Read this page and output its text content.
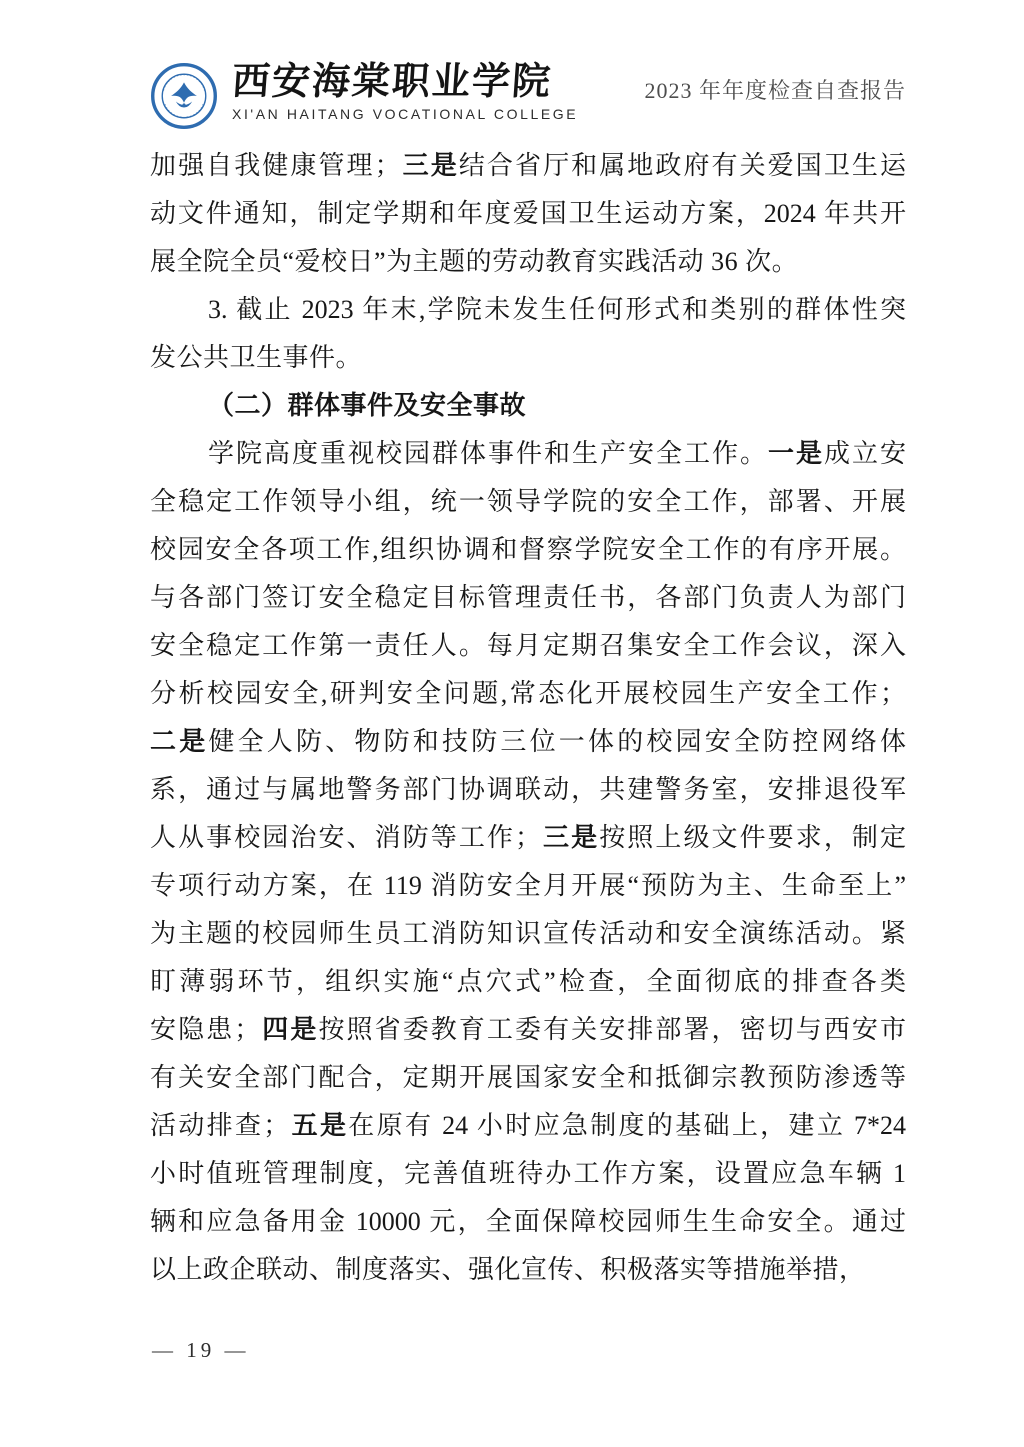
西安海棠职业学院
XI'AN HAITANG VOCATIONAL COLLEGE
2023 年年度检查自查报告
加强自我健康管理；三是结合省厅和属地政府有关爱国卫生运
动文件通知，制定学期和年度爱国卫生运动方案，2024 年共开
展全院全员“爱校日”为主题的劳动教育实践活动 36 次。
3. 截止 2023 年末,学院未发生任何形式和类别的群体性突
发公共卫生事件。
（二）群体事件及安全事故
学院高度重视校园群体事件和生产安全工作。一是成立安
全稳定工作领导小组，统一领导学院的安全工作，部署、开展
校园安全各项工作,组织协调和督察学院安全工作的有序开展。
与各部门签订安全稳定目标管理责任书，各部门负责人为部门
安全稳定工作第一责任人。每月定期召集安全工作会议，深入
分析校园安全,研判安全问题,常态化开展校园生产安全工作；
二是健全人防、物防和技防三位一体的校园安全防控网络体
系，通过与属地警务部门协调联动，共建警务室，安排退役军
人从事校园治安、消防等工作；三是按照上级文件要求，制定
专项行动方案，在 119 消防安全月开展“预防为主、生命至上”
为主题的校园师生员工消防知识宣传活动和安全演练活动。紧
盯薄弱环节，组织实施“点穴式”检查，全面彻底的排查各类
安隐患；四是按照省委教育工委有关安排部署，密切与西安市
有关安全部门配合，定期开展国家安全和抵御宗教预防渗透等
活动排查；五是在原有 24 小时应急制度的基础上，建立 7*24
小时值班管理制度，完善值班待办工作方案，设置应急车辆 1
辆和应急备用金 10000 元，全面保障校园师生生命安全。通过
以上政企联动、制度落实、强化宣传、积极落实等措施举措，
— 19 —
